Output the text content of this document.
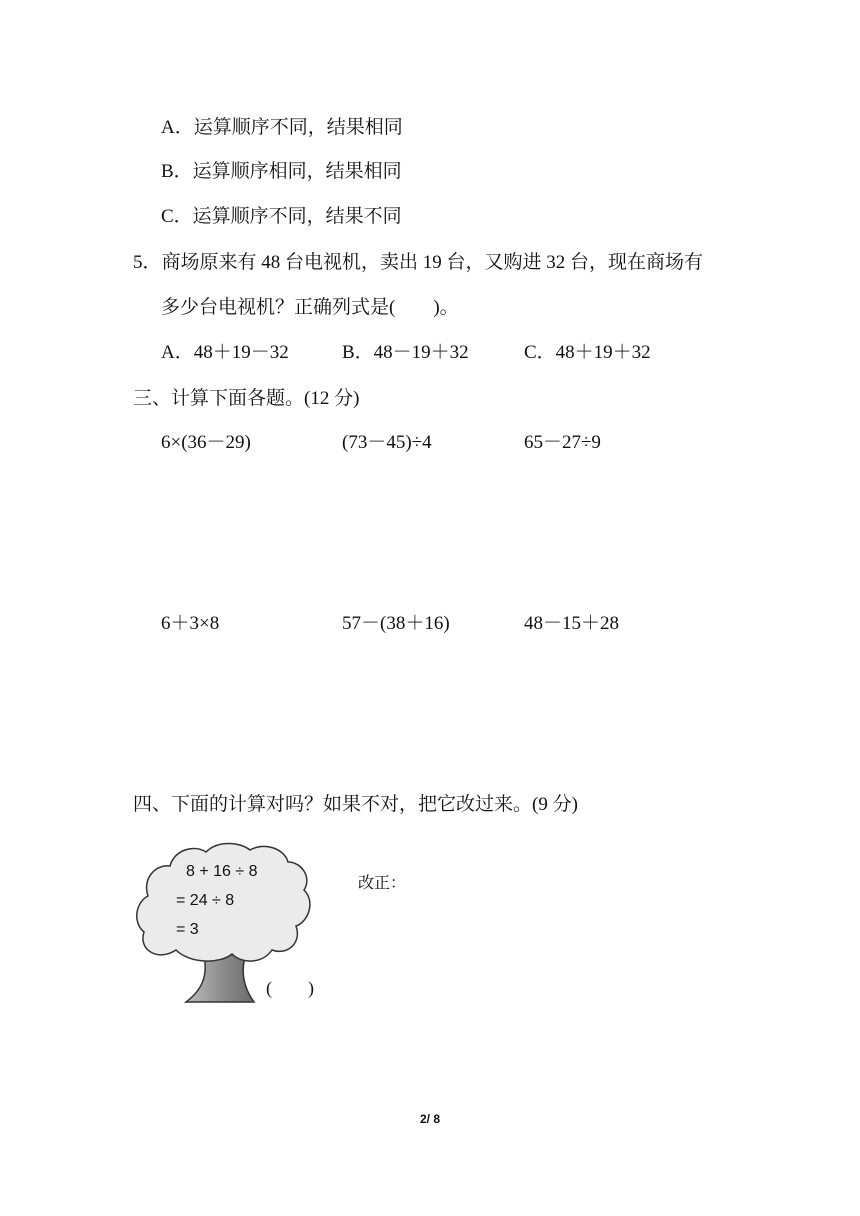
A．运算顺序不同，结果相同
B．运算顺序相同，结果相同
C．运算顺序不同，结果不同
5．商场原来有 48 台电视机，卖出 19 台，又购进 32 台，现在商场有
多少台电视机？正确列式是(　　)。
A．48＋19－32	B．48－19＋32	C．48＋19＋32
三、计算下面各题。(12 分)
6×(36－29)	(73－45)÷4	65－27÷9
6＋3×8	57－(38＋16)	48－15＋28
四、下面的计算对吗？如果不对，把它改过来。(9 分)
8 + 16 ÷ 8
= 24 ÷ 8
= 3
(　　)
改正：
2/ 8
